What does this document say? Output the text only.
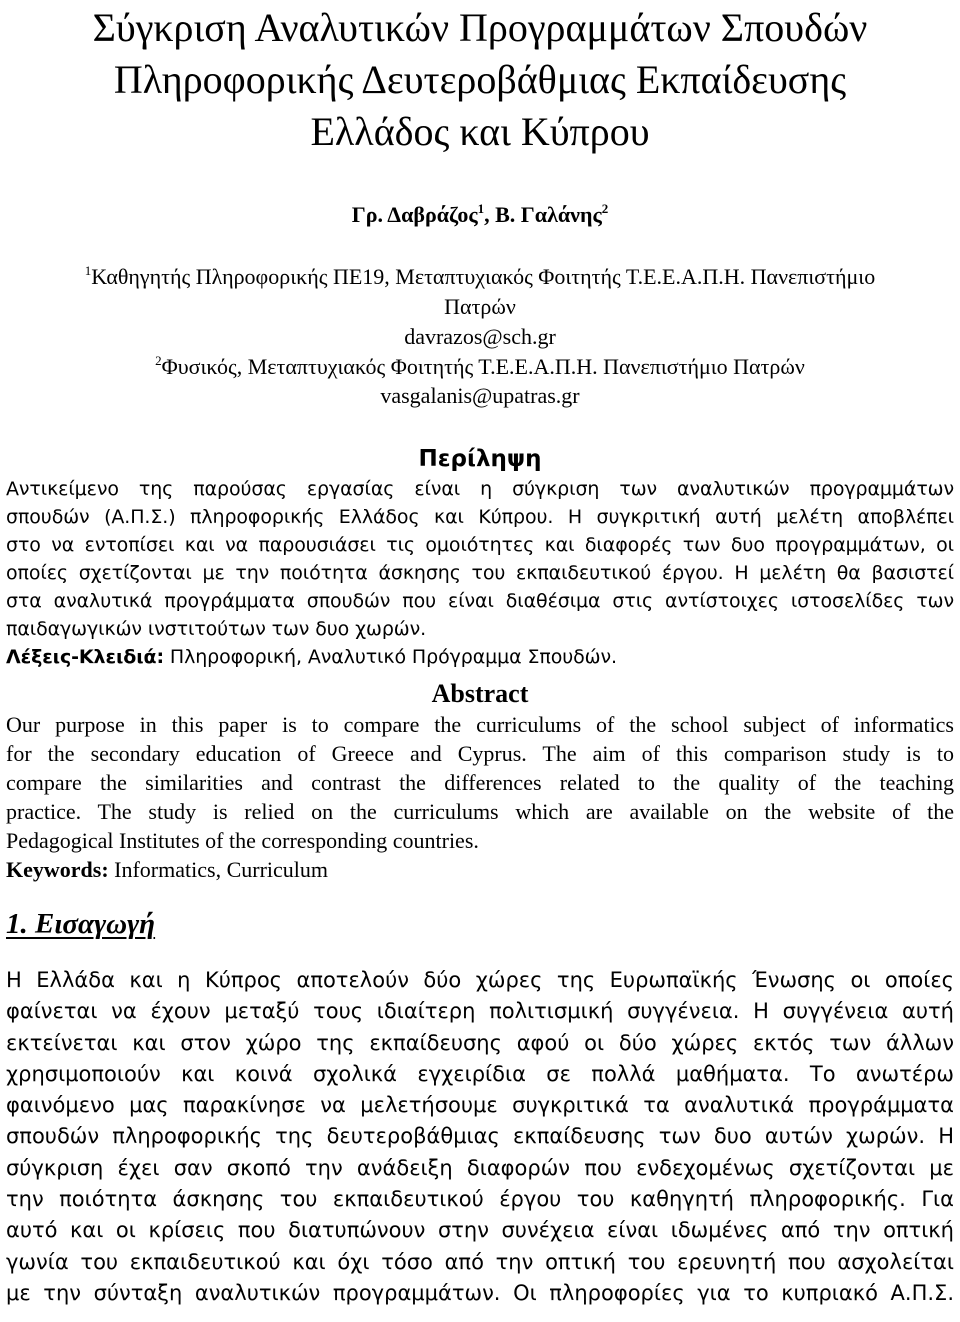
Σύγκριση Αναλυτικών Προγραμμάτων Σπουδών
Πληροφορικής Δευτεροβάθμιας Εκπαίδευσης
Ελλάδος και Κύπρου
Γρ. Δαβράζος$^1$, Β. Γαλάνης$^2$
$^1$Καθηγητής Πληροφορικής ΠΕ19, Μεταπτυχιακός Φοιτητής Τ.Ε.Ε.Α.Π.Η. Πανεπιστήμιο
Πατρών
davrazos@sch.gr
$^2$Φυσικός, Μεταπτυχιακός Φοιτητής Τ.Ε.Ε.Α.Π.Η. Πανεπιστήμιο Πατρών
vasgalanis@upatras.gr
Περίληψη
Αντικείμενο της παρούσας εργασίας είναι η σύγκριση των αναλυτικών προγραμμάτων
σπουδών (Α.Π.Σ.) πληροφορικής Ελλάδος και Κύπρου. Η συγκριτική αυτή μελέτη αποβλέπει
στο να εντοπίσει και να παρουσιάσει τις ομοιότητες και διαφορές των δυο προγραμμάτων, οι
οποίες σχετίζονται με την ποιότητα άσκησης του εκπαιδευτικού έργου. Η μελέτη θα βασιστεί
στα αναλυτικά προγράμματα σπουδών που είναι διαθέσιμα στις αντίστοιχες ιστοσελίδες των
παιδαγωγικών ινστιτούτων των δυο χωρών.
Λέξεις-Κλειδιά: Πληροφορική, Αναλυτικό Πρόγραμμα Σπουδών.
Abstract
Our purpose in this paper is to compare the curriculums of the school subject of informatics
for the secondary education of Greece and Cyprus. The aim of this comparison study is to
compare the similarities and contrast the differences related to the quality of the teaching
practice. The study is relied on the curriculums which are available on the website of the
Pedagogical Institutes of the corresponding countries.
Keywords: Informatics, Curriculum
1. Εισαγωγή
Η Ελλάδα και η Κύπρος αποτελούν δύο χώρες της Ευρωπαϊκής Ένωσης οι οποίες
φαίνεται να έχουν μεταξύ τους ιδιαίτερη πολιτισμική συγγένεια. Η συγγένεια αυτή
εκτείνεται και στον χώρο της εκπαίδευσης αφού οι δύο χώρες εκτός των άλλων
χρησιμοποιούν και κοινά σχολικά εγχειρίδια σε πολλά μαθήματα. Το ανωτέρω
φαινόμενο μας παρακίνησε να μελετήσουμε συγκριτικά τα αναλυτικά προγράμματα
σπουδών πληροφορικής της δευτεροβάθμιας εκπαίδευσης των δυο αυτών χωρών. Η
σύγκριση έχει σαν σκοπό την ανάδειξη διαφορών που ενδεχομένως σχετίζονται με
την ποιότητα άσκησης του εκπαιδευτικού έργου του καθηγητή πληροφορικής. Για
αυτό και οι κρίσεις που διατυπώνουν στην συνέχεια είναι ιδωμένες από την οπτική
γωνία του εκπαιδευτικού και όχι τόσο από την οπτική του ερευνητή που ασχολείται
με την σύνταξη αναλυτικών προγραμμάτων. Οι πληροφορίες για το κυπριακό Α.Π.Σ.
